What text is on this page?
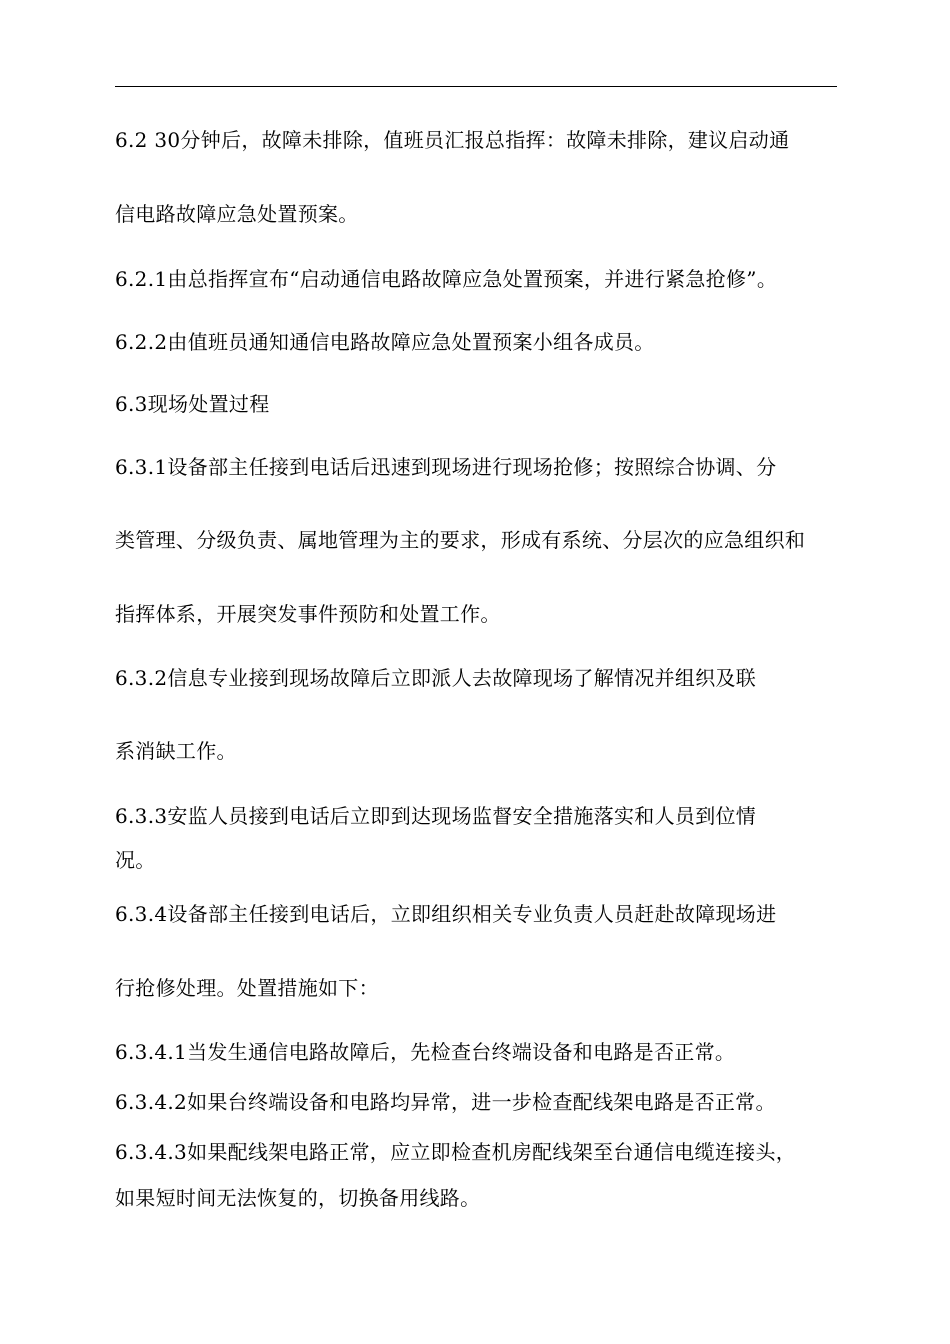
6.2 30分钟后，故障未排除，值班员汇报总指挥：故障未排除，建议启动通
信电路故障应急处置预案。
6.2.1由总指挥宣布“启动通信电路故障应急处置预案，并进行紧急抢修”。
6.2.2由值班员通知通信电路故障应急处置预案小组各成员。
6.3现场处置过程
6.3.1设备部主任接到电话后迅速到现场进行现场抢修；按照综合协调、分
类管理、分级负责、属地管理为主的要求，形成有系统、分层次的应急组织和
指挥体系，开展突发事件预防和处置工作。
6.3.2信息专业接到现场故障后立即派人去故障现场了解情况并组织及联
系消缺工作。
6.3.3安监人员接到电话后立即到达现场监督安全措施落实和人员到位情
况。
6.3.4设备部主任接到电话后，立即组织相关专业负责人员赶赴故障现场进
行抢修处理。处置措施如下：
6.3.4.1当发生通信电路故障后，先检查台终端设备和电路是否正常。
6.3.4.2如果台终端设备和电路均异常，进一步检查配线架电路是否正常。
6.3.4.3如果配线架电路正常，应立即检查机房配线架至台通信电缆连接头，
如果短时间无法恢复的，切换备用线路。
